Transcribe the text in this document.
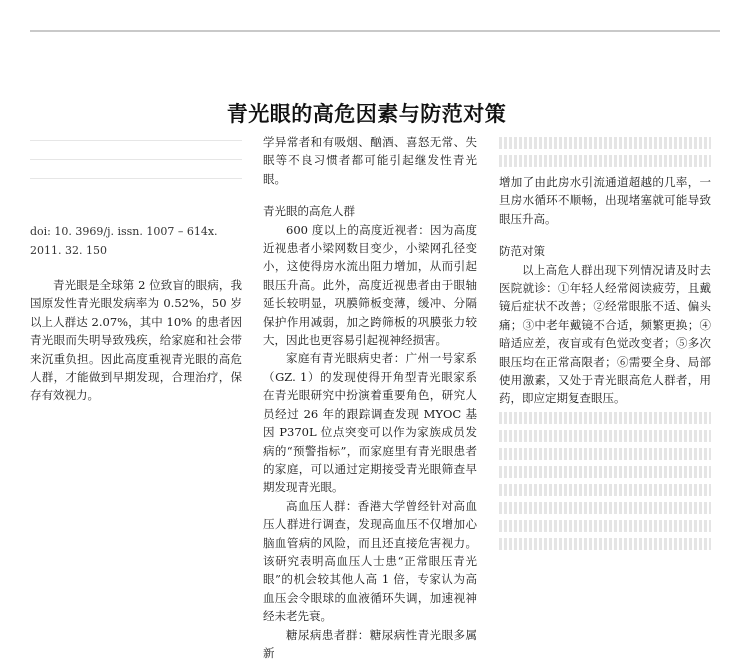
青光眼的高危因素与防范对策
doi: 10. 3969/j. issn. 1007 – 614x. 2011. 32. 150

青光眼是全球第 2 位致盲的眼病，我国原发性青光眼发病率为 0.52%，50 岁以上人群达 2.07%，其中 10% 的患者因青光眼而失明导致残疾，给家庭和社会带来沉重负担。因此高度重视青光眼的高危人群，才能做到早期发现，合理治疗，保存有效视力。

学异常者和有吸烟、酗酒、喜怒无常、失眠等不良习惯者都可能引起继发性青光眼。

青光眼的高危人群

600 度以上的高度近视者：因为高度近视患者小梁网数目变少，小梁网孔径变小，这使得房水流出阻力增加，从而引起眼压升高。此外，高度近视患者由于眼轴延长较明显，巩膜筛板变薄，缓冲、分隔保护作用减弱，加之跨筛板的巩膜张力较大，因此也更容易引起视神经损害。

家庭有青光眼病史者：广州一号家系（GZ. 1）的发现使得开角型青光眼家系在青光眼研究中扮演着重要角色，研究人员经过 26 年的跟踪调查发现 MYOC 基因 P370L 位点突变可以作为家族成员发病的“预警指标”，而家庭里有青光眼患者的家庭，可以通过定期接受青光眼筛查早期发现青光眼。

高血压人群：香港大学曾经针对高血压人群进行调查，发现高血压不仅增加心脑血管病的风险，而且还直接危害视力。该研究表明高血压人士患“正常眼压青光眼”的机会较其他人高 1 倍，专家认为高血压会令眼球的血液循环失调，加速视神经未老先衰。

糖尿病患者群：糖尿病性青光眼多属新

增加了由此房水引流通道超越的几率，一旦房水循环不顺畅，出现堵塞就可能导致眼压升高。

防范对策

以上高危人群出现下列情况请及时去医院就诊：①年轻人经常阅读疲劳，且戴镜后症状不改善；②经常眼胀不适、偏头痛；③中老年戴镜不合适，频繁更换；④暗适应差，夜盲或有色觉改变者；⑤多次眼压均在正常高限者；⑥需要全身、局部使用激素，又处于青光眼高危人群者，用药，即应定期复查眼压。
